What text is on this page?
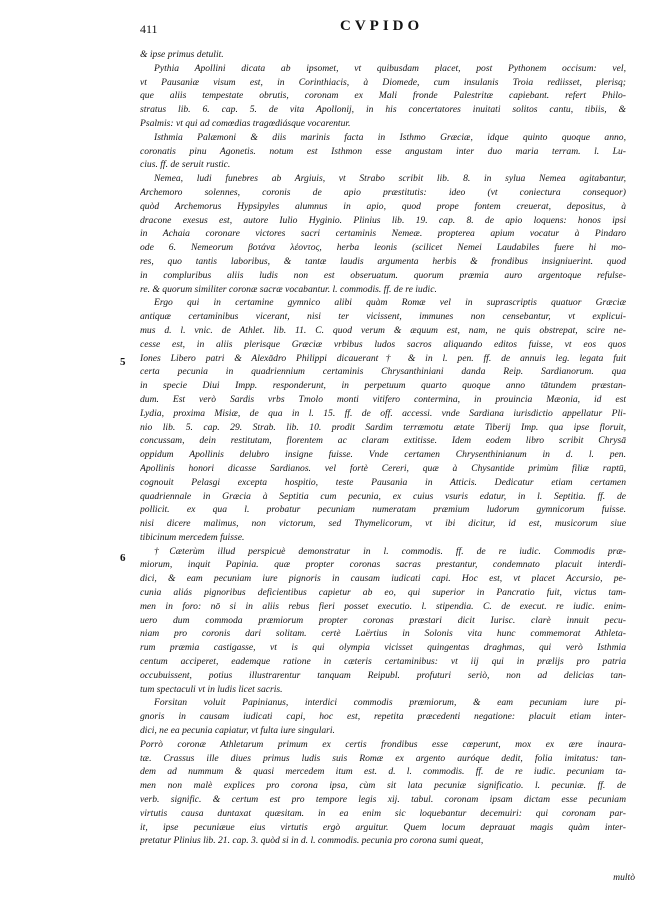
411	CVPIDO
5
6
& ipse primus detulit.
Pythia Apollini dicata ab ipsomet, vt quibusdam placet, post Pythonem occisum: vel,
vt Pausaniæ visum est, in Corinthiacis, à Diomede, cum insulanis Troia rediisset, plerisq;
que aliis tempestate obrutis, coronam ex Mali fronde Palestritæ capiebant. refert Philo-
stratus lib. 6. cap. 5. de vita Apollonij, in his concertatores inuitati solitos cantu, tibiis, &
Psalmis: vt qui ad comœdias tragœdiásque vocarentur.
Isthmia Palæmoni & diis marinis facta in Isthmo Græciæ, idque quinto quoque anno,
coronatis pinu Agonetis. notum est Isthmon esse angustam inter duo maria terram. l. Lu-
cius. ff. de seruit rustic.
Nemea, ludi funebres ab Argiuis, vt Strabo scribit lib. 8. in sylua Nemea agitabantur,
Archemoro solennes, coronis de apio præstitutis: ideo (vt coniectura consequor)
quòd Archemorus Hypsipyles alumnus in apio, quod prope fontem creuerat, depositus, à
dracone exesus est, autore Iulio Hyginio. Plinius lib. 19. cap. 8. de apio loquens: honos ipsi
in Achaia coronare victores sacri certaminis Nemeæ. propterea apium vocatur à Pindaro
ode 6. Nemeorum βοτάνα λέοντος, herba leonis (scilicet Nemei Laudabiles fuere hi mo-
res, quo tantis laboribus, & tantæ laudis argumenta herbis & frondibus insigniuerint. quod
in compluribus aliis ludis non est obseruatum. quorum præmia auro argentoque refulse-
re. & quorum similiter coronæ sacræ vocabantur. l. commodis. ff. de re iudic.
Ergo qui in certamine gymnico alibi quàm Romæ vel in suprascriptis quatuor Græciæ
antiquæ certaminibus vicerant, nisi ter vicissent, immunes non censebantur, vt explicui-
mus d. l. vnic. de Athlet. lib. 11. C. quod verum & æquum est, nam, ne quis obstrepat, scire ne-
cesse est, in aliis plerisque Græciæ vrbibus ludos sacros aliquando editos fuisse, vt eos quos
Iones Libero patri & Alexādro Philippi dicauerant† & in l. pen. ff. de annuis leg. legata fuit
certa pecunia in quadriennium certaminis Chrysanthiniani danda Reip. Sardianorum. qua
in specie Diui Impp. responderunt, in perpetuum quarto quoque anno tātundem præstan-
dum. Est verò Sardis vrbs Tmolo monti vitifero contermina, in prouincia Mæonia, id est
Lydia, proxima Misiæ, de qua in l. 15. ff. de off. accessi. vnde Sardiana iurisdictio appellatur Pli-
nio lib. 5. cap. 29. Strab. lib. 10. prodit Sardim terræmotu ætate Tiberij Imp. qua ipse floruit,
concussam, dein restitutam, florentem ac claram extitisse. Idem eodem libro scribit Chrysā
oppidum Apollinis delubro insigne fuisse. Vnde certamen Chrysenthinianum in d. l. pen.
Apollinis honori dicasse Sardianos. vel fortè Cereri, quæ à Chysantide primùm filiæ raptū,
cognouit Pelasgi excepta hospitio, teste Pausania in Atticis. Dedicatur etiam certamen
quadriennale in Græcia à Septitia cum pecunia, ex cuius vsuris edatur, in l. Septitia. ff. de
pollicit. ex qua l. probatur pecuniam numeratam præmium ludorum gymnicorum fuisse.
nisi dicere malimus, non victorum, sed Thymelicorum, vt ibi dicitur, id est, musicorum siue
tibicinum mercedem fuisse.
†Cæterùm illud perspicuè demonstratur in l. commodis. ff. de re iudic. Commodis præ-
miorum, inquit Papinia. quæ propter coronas sacras prestantur, condemnato placuit interdi-
dici, & eam pecuniam iure pignoris in causam iudicati capi. Hoc est, vt placet Accursio, pe-
cunia aliás pignoribus deficientibus capietur ab eo, qui superior in Pancratio fuit, victus tam-
men in foro: nō si in aliis rebus fieri posset executio. l. stipendia. C. de execut. re iudic. enim-
uero dum commoda præmiorum propter coronas præstari dicit Iurisc. clarè innuit pecu-
niam pro coronis dari solitam. certè Laërtius in Solonis vita hunc commemorat Athleta-
rum præmia castigasse, vt is qui olympia vicisset quingentas draghmas, qui verò Isthmia
centum acciperet, eademque ratione in cæteris certaminibus: vt iij qui in prælijs pro patria
occubuissent, potius illustrarentur tanquam Reipubl. profuturi seriò, non ad delicias tan-
tum spectaculi vt in ludis licet sacris.
Forsitan voluit Papinianus, interdici commodis præmiorum, & eam pecuniam iure pi-
gnoris in causam iudicati capi, hoc est, repetita præcedenti negatione: placuit etiam inter-
dici, ne ea pecunia capiatur, vt fulta iure singulari.
Porrò coronæ Athletarum primum ex certis frondibus esse cœperunt, mox ex ære inaura-
tæ. Crassus ille diues primus ludis suis Romæ ex argento auróque dedit, folia imitatus: tan-
dem ad nummum & quasi mercedem itum est. d. l. commodis. ff. de re iudic. pecuniam ta-
men non malè explices pro corona ipsa, cùm sit lata pecuniæ significatio. l. pecuniæ. ff. de
verb. signific. & certum est pro tempore legis xij. tabul. coronam ipsam dictam esse pecuniam
virtutis causa duntaxat quæsitam. in ea enim sic loquebantur decemuiri: qui coronam par-
it, ipse pecuniæue eius virtutis ergò arguitur. Quem locum deprauat magis quàm inter-
pretatur Plinius lib. 21. cap. 3. quòd si in d. l. commodis. pecunia pro corona sumi queat,
multò
